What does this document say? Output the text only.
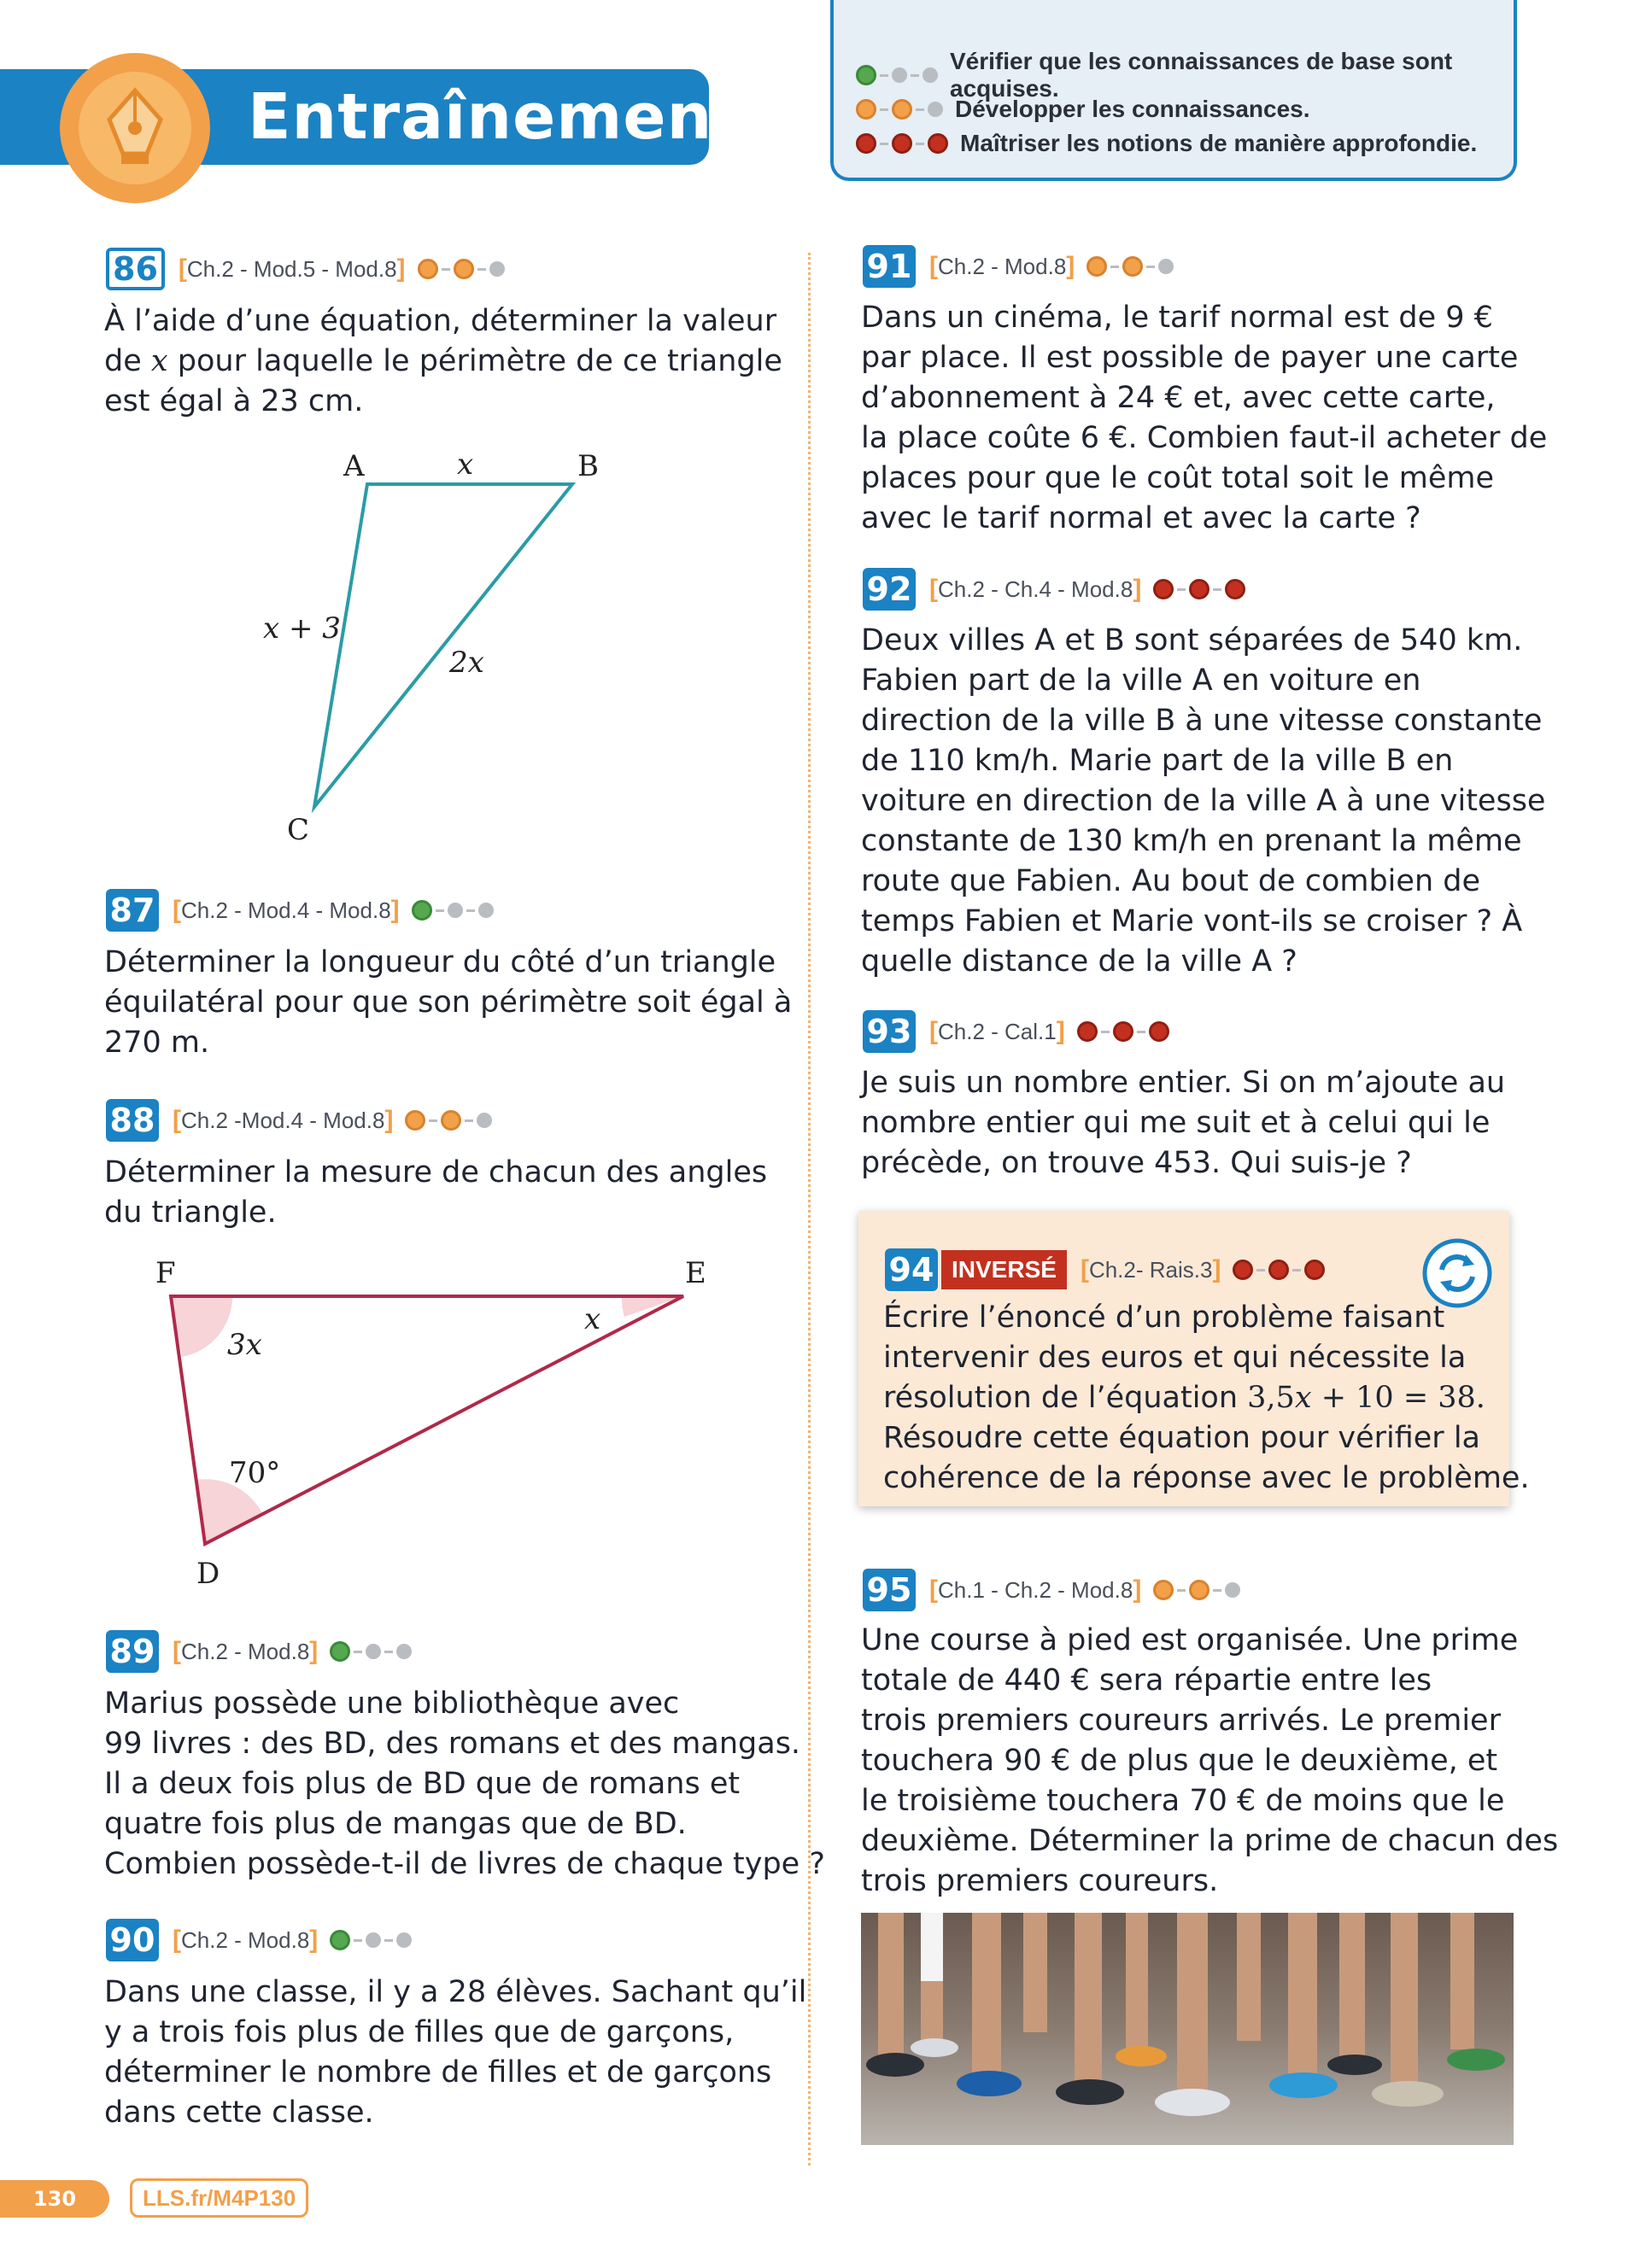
Entraînement
Vérifier que les connaissances de base sont acquises.
Développer les connaissances.
Maîtriser les notions de manière approfondie.
86 [Ch.2 - Mod.5 - Mod.8]
À l’aide d’une équation, déterminer la valeur
de x pour laquelle le périmètre de ce triangle
est égal à 23 cm.
A	B
C
x
x + 3
2x
87 [Ch.2 - Mod.4 - Mod.8]
Déterminer la longueur du côté d’un triangle
équilatéral pour que son périmètre soit égal à
270 m.
88 [Ch.2 -Mod.4 - Mod.8]
Déterminer la mesure de chacun des angles
du triangle.
F	E
D
3x
x
70°
89 [Ch.2 - Mod.8]
Marius possède une bibliothèque avec
99 livres : des BD, des romans et des mangas.
Il a deux fois plus de BD que de romans et
quatre fois plus de mangas que de BD.
Combien possède-t-il de livres de chaque type ?
90 [Ch.2 - Mod.8]
Dans une classe, il y a 28 élèves. Sachant qu’il
y a trois fois plus de filles que de garçons,
déterminer le nombre de filles et de garçons
dans cette classe.
91 [Ch.2 - Mod.8]
Dans un cinéma, le tarif normal est de 9 €
par place. Il est possible de payer une carte
d’abonnement à 24 € et, avec cette carte,
la place coûte 6 €. Combien faut-il acheter de
places pour que le coût total soit le même
avec le tarif normal et avec la carte ?
92 [Ch.2 - Ch.4 - Mod.8]
Deux villes A et B sont séparées de 540 km.
Fabien part de la ville A en voiture en
direction de la ville B à une vitesse constante
de 110 km/h. Marie part de la ville B en
voiture en direction de la ville A à une vitesse
constante de 130 km/h en prenant la même
route que Fabien. Au bout de combien de
temps Fabien et Marie vont-ils se croiser ? À
quelle distance de la ville A ?
93 [Ch.2 - Cal.1]
Je suis un nombre entier. Si on m’ajoute au
nombre entier qui me suit et à celui qui le
précède, on trouve 453. Qui suis-je ?
94 INVERSÉ [Ch.2- Rais.3]
Écrire l’énoncé d’un problème faisant
intervenir des euros et qui nécessite la
résolution de l’équation 3,5x + 10 = 38.
Résoudre cette équation pour vérifier la
cohérence de la réponse avec le problème.
95 [Ch.1 - Ch.2 - Mod.8]
Une course à pied est organisée. Une prime
totale de 440 € sera répartie entre les
trois premiers coureurs arrivés. Le premier
touchera 90 € de plus que le deuxième, et
le troisième touchera 70 € de moins que le
deuxième. Déterminer la prime de chacun des
trois premiers coureurs.
130	LLS.fr/M4P130
